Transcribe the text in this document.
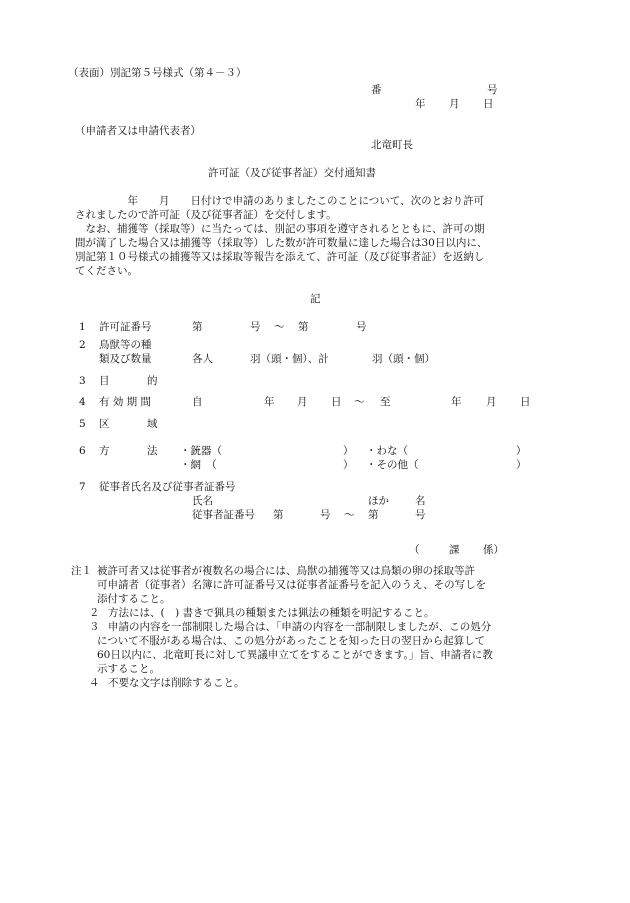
（表面）別記第５号様式（第４－３）
番	号
年 月 日
（申請者又は申請代表者）
北竜町長
許可証（及び従事者証）交付通知書
　　　　　年　　月　　日付けで申請のありましたこのことについて、次のとおり許可
されましたので許可証（及び従事者証）を交付します。
　なお、捕獲等（採取等）に当たっては、別記の事項を遵守されるとともに、許可の期
間が満了した場合又は捕獲等（採取等）した数が許可数量に達した場合は30日以内に、
別記第１０号様式の捕獲等又は採取等報告を添えて、許可証（及び従事者証）を返納し
てください。
記
1 許可証番号	第	号 ～ 第	号
2 鳥獣等の種
類及び数量	各人	羽（頭・個）、計	羽（頭・個）
3 目	的
4 有 効 期 間	自	年 月 日 ～ 至	年 月 日
5 区	域
6 方	法 ・銃器（	） ・わな（	）
・網　（	） ・その他（	）
7 従事者氏名及び従事者証番号
氏名	ほか 名
従事者証番号 第	号 ～ 第	号
（	課 係）
注１ 被許可者又は従事者が複数名の場合には、鳥獣の捕獲等又は鳥類の卵の採取等許
可申請者（従事者）名簿に許可証番号又は従事者証番号を記入のうえ、その写しを
添付すること。
２ 方法には、(　) 書きで猟具の種類または猟法の種類を明記すること。
３ 申請の内容を一部制限した場合は、「申請の内容を一部制限しましたが、この処分
について不服がある場合は、この処分があったことを知った日の翌日から起算して
60日以内に、北竜町長に対して異議申立てをすることができます。」旨、申請者に教
示すること。
４ 不要な文字は削除すること。
